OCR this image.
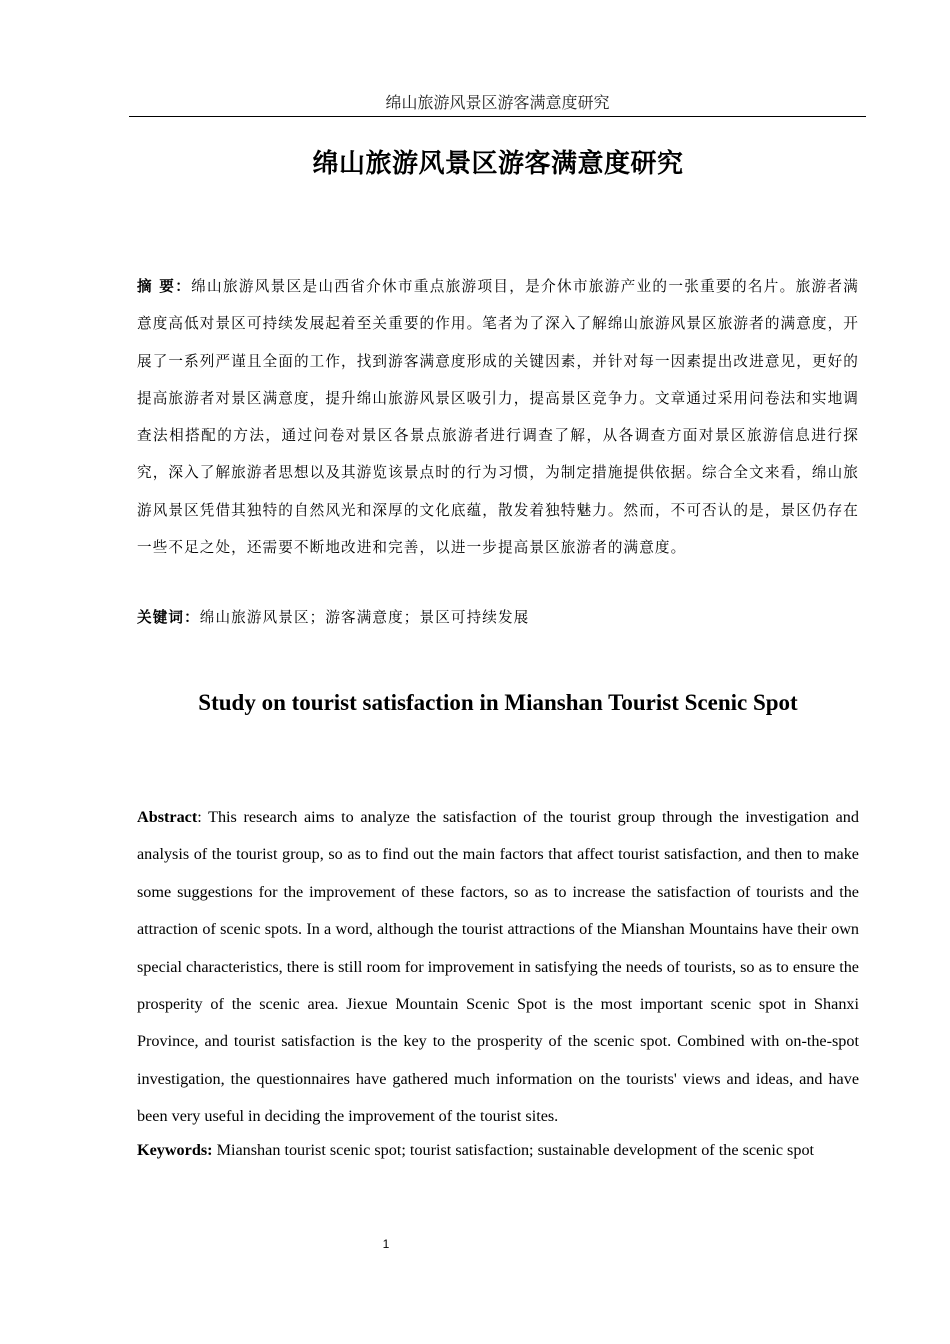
绵山旅游风景区游客满意度研究
绵山旅游风景区游客满意度研究
摘 要：绵山旅游风景区是山西省介休市重点旅游项目，是介休市旅游产业的一张重要的名片。旅游者满意度高低对景区可持续发展起着至关重要的作用。笔者为了深入了解绵山旅游风景区旅游者的满意度，开展了一系列严谨且全面的工作，找到游客满意度形成的关键因素，并针对每一因素提出改进意见，更好的提高旅游者对景区满意度，提升绵山旅游风景区吸引力，提高景区竞争力。文章通过采用问卷法和实地调查法相搭配的方法，通过问卷对景区各景点旅游者进行调查了解，从各调查方面对景区旅游信息进行探究，深入了解旅游者思想以及其游览该景点时的行为习惯，为制定措施提供依据。综合全文来看，绵山旅游风景区凭借其独特的自然风光和深厚的文化底蕴，散发着独特魅力。然而，不可否认的是，景区仍存在一些不足之处，还需要不断地改进和完善，以进一步提高景区旅游者的满意度。
关键词：绵山旅游风景区；游客满意度；景区可持续发展
Study on tourist satisfaction in Mianshan Tourist Scenic Spot
Abstract: This research aims to analyze the satisfaction of the tourist group through the investigation and analysis of the tourist group, so as to find out the main factors that affect tourist satisfaction, and then to make some suggestions for the improvement of these factors, so as to increase the satisfaction of tourists and the attraction of scenic spots. In a word, although the tourist attractions of the Mianshan Mountains have their own special characteristics, there is still room for improvement in satisfying the needs of tourists, so as to ensure the prosperity of the scenic area. Jiexue Mountain Scenic Spot is the most important scenic spot in Shanxi Province, and tourist satisfaction is the key to the prosperity of the scenic spot. Combined with on-the-spot investigation, the questionnaires have gathered much information on the tourists' views and ideas, and have been very useful in deciding the improvement of the tourist sites.
Keywords: Mianshan tourist scenic spot; tourist satisfaction; sustainable development of the scenic spot
1
